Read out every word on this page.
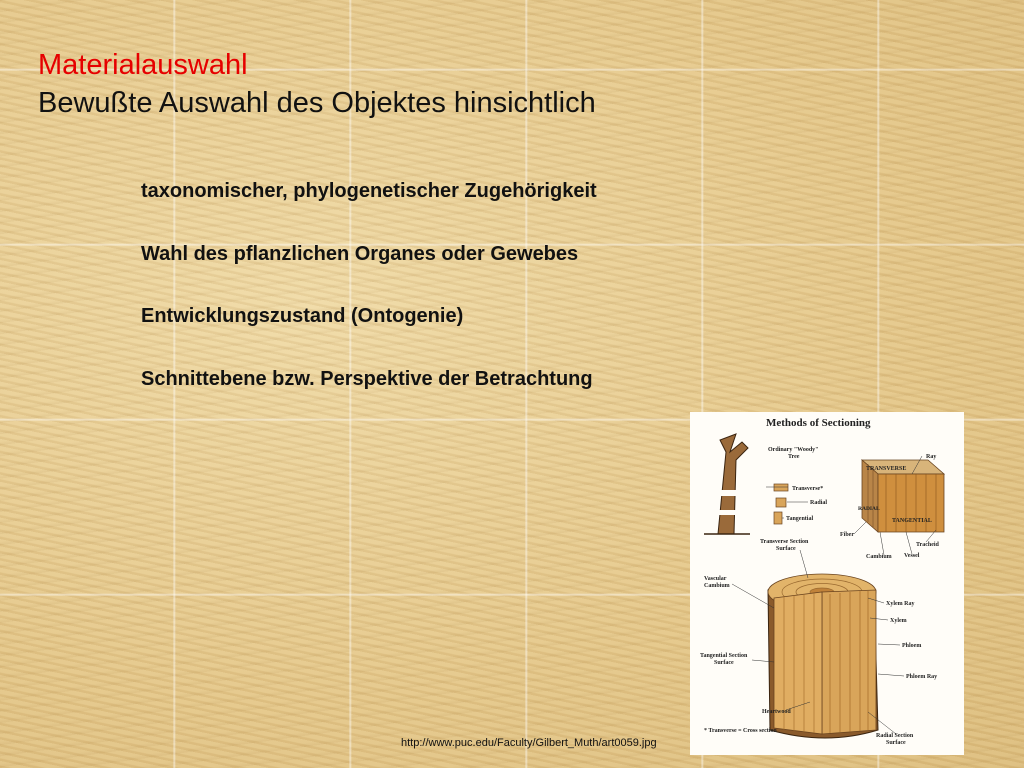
Materialauswahl
Bewußte Auswahl des Objektes hinsichtlich
taxonomischer, phylogenetischer Zugehörigkeit
Wahl des pflanzlichen Organes oder Gewebes
Entwicklungszustand (Ontogenie)
Schnittebene bzw. Perspektive der Betrachtung
Methods of Sectioning
Ordinary "Woody"
Tree
Transverse*
Radial
Tangential
TRANSVERSE
RADIAL
TANGENTIAL
Ray
Fiber
Cambium Vessel
Tracheid
Transverse Section
Surface
Vascular
Cambium
Xylem Ray
Xylem
Phloem
Tangential Section
Surface
Phloem Ray
Heartwood
* Transverse = Cross section
Radial Section
Surface
http://www.puc.edu/Faculty/Gilbert_Muth/art0059.jpg
